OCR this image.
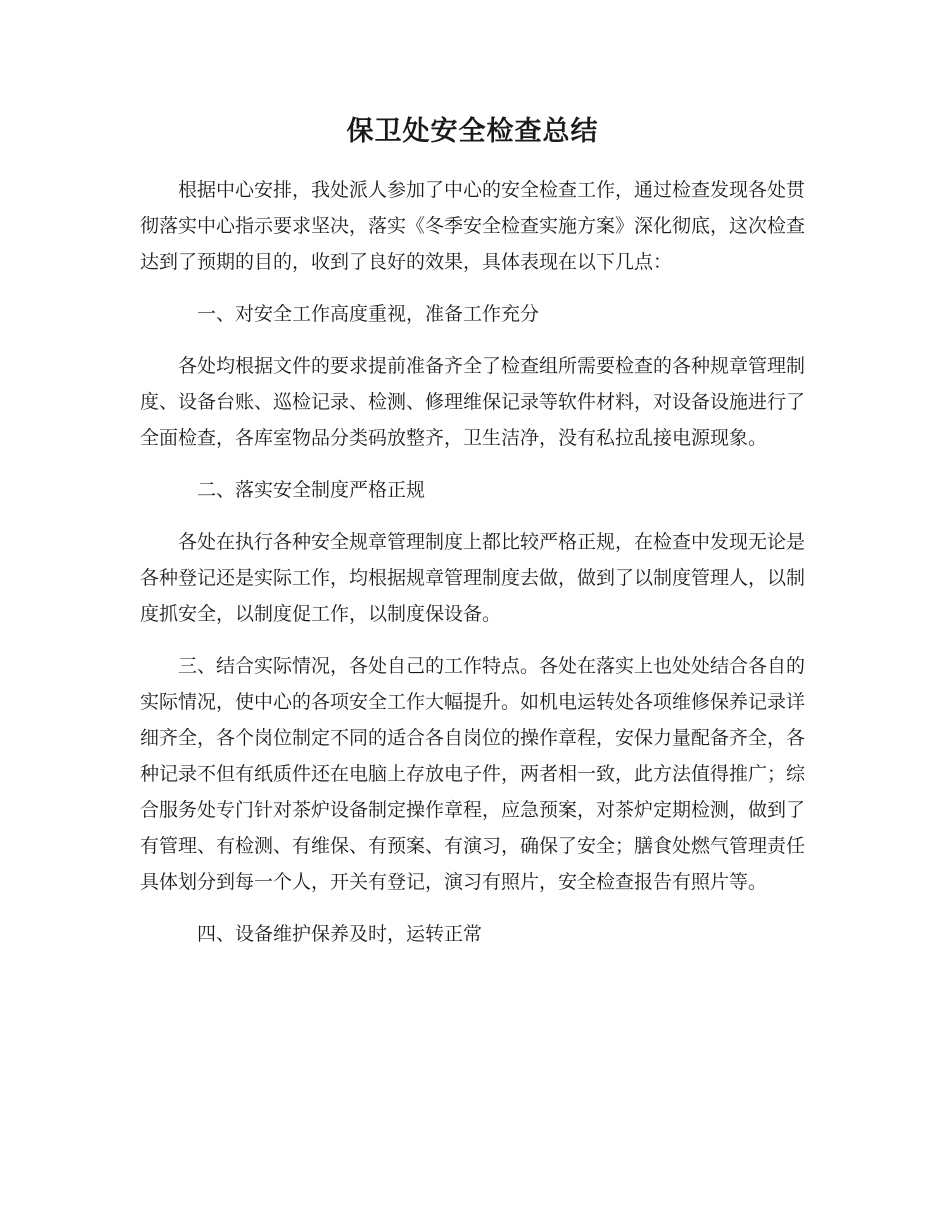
保卫处安全检查总结

根据中心安排，我处派人参加了中心的安全检查工作，通过检查发现各处贯彻落实中心指示要求坚决，落实《冬季安全检查实施方案》深化彻底，这次检查达到了预期的目的，收到了良好的效果，具体表现在以下几点：

一、对安全工作高度重视，准备工作充分

各处均根据文件的要求提前准备齐全了检查组所需要检查的各种规章管理制度、设备台账、巡检记录、检测、修理维保记录等软件材料，对设备设施进行了全面检查，各库室物品分类码放整齐，卫生洁净，没有私拉乱接电源现象。

二、落实安全制度严格正规

各处在执行各种安全规章管理制度上都比较严格正规，在检查中发现无论是各种登记还是实际工作，均根据规章管理制度去做，做到了以制度管理人，以制度抓安全，以制度促工作，以制度保设备。

三、结合实际情况，各处自己的工作特点。各处在落实上也处处结合各自的实际情况，使中心的各项安全工作大幅提升。如机电运转处各项维修保养记录详细齐全，各个岗位制定不同的适合各自岗位的操作章程，安保力量配备齐全，各种记录不但有纸质件还在电脑上存放电子件，两者相一致，此方法值得推广；综合服务处专门针对茶炉设备制定操作章程，应急预案，对茶炉定期检测，做到了有管理、有检测、有维保、有预案、有演习，确保了安全；膳食处燃气管理责任具体划分到每一个人，开关有登记，演习有照片，安全检查报告有照片等。

四、设备维护保养及时，运转正常
